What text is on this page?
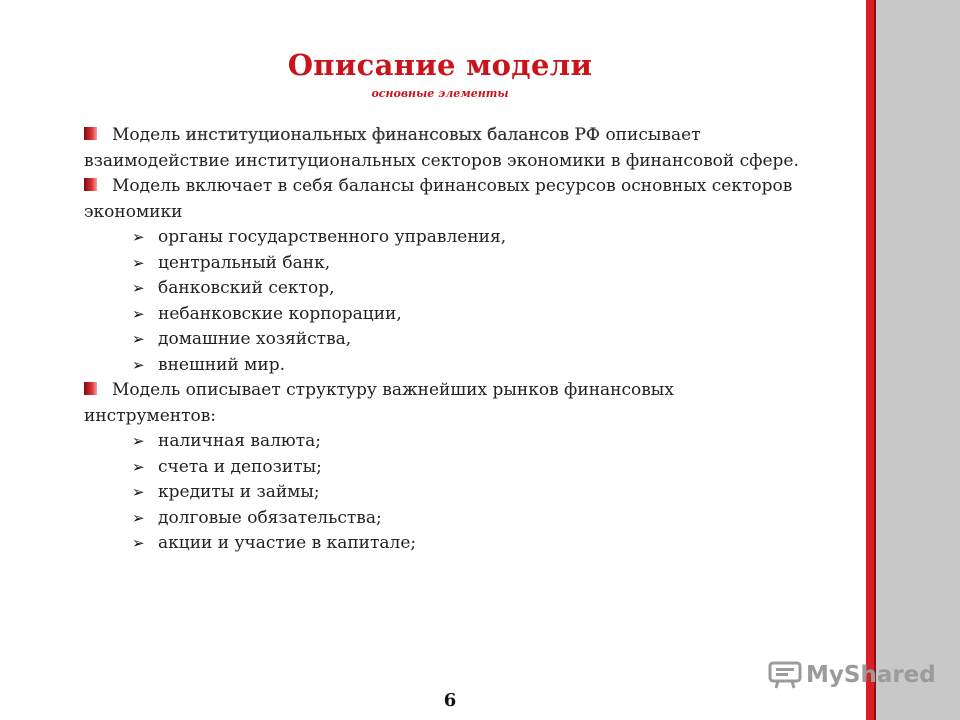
Описание модели
основные элементы

Модель институциональных финансовых балансов РФ описывает взаимодействие институциональных секторов экономики в финансовой сфере.

Модель включает в себя балансы финансовых ресурсов основных секторов экономики

➢ органы государственного управления,
➢ центральный банк,
➢ банковский сектор,
➢ небанковские корпорации,
➢ домашние хозяйства,
➢ внешний мир.

Модель описывает структуру важнейших рынков финансовых инструментов:

➢ наличная валюта;
➢ счета и депозиты;
➢ кредиты и займы;
➢ долговые обязательства;
➢ акции и участие в капитале;
6
MyShared
